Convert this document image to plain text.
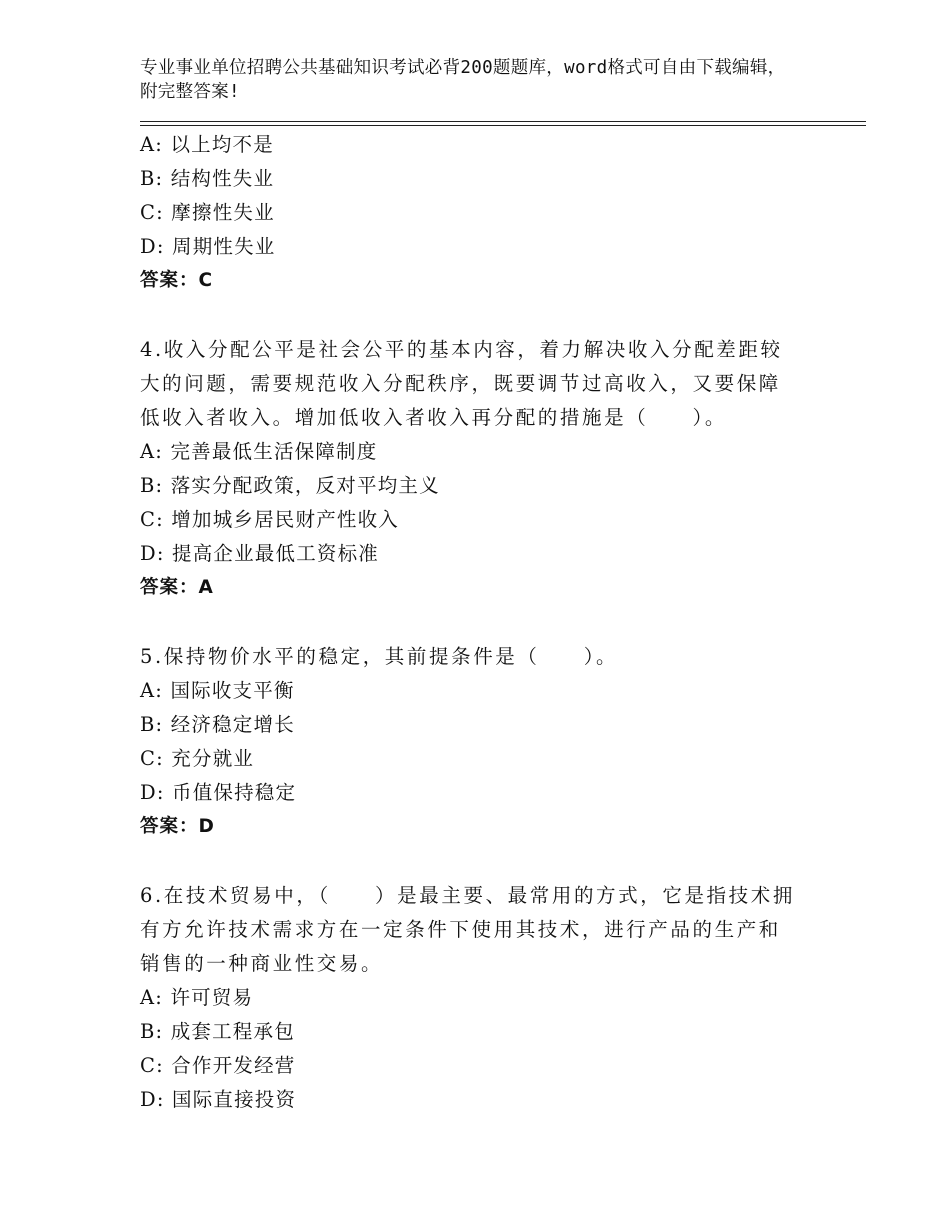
专业事业单位招聘公共基础知识考试必背200题题库，word格式可自由下载编辑，附完整答案!
A: 以上均不是
B: 结构性失业
C: 摩擦性失业
D: 周期性失业
答案：C
4.收入分配公平是社会公平的基本内容，着力解决收入分配差距较大的问题，需要规范收入分配秩序，既要调节过高收入，又要保障低收入者收入。增加低收入者收入再分配的措施是（　　）。
A: 完善最低生活保障制度
B: 落实分配政策，反对平均主义
C: 增加城乡居民财产性收入
D: 提高企业最低工资标准
答案：A
5.保持物价水平的稳定，其前提条件是（　　）。
A: 国际收支平衡
B: 经济稳定增长
C: 充分就业
D: 币值保持稳定
答案：D
6.在技术贸易中，（　　）是最主要、最常用的方式，它是指技术拥有方允许技术需求方在一定条件下使用其技术，进行产品的生产和销售的一种商业性交易。
A: 许可贸易
B: 成套工程承包
C: 合作开发经营
D: 国际直接投资
